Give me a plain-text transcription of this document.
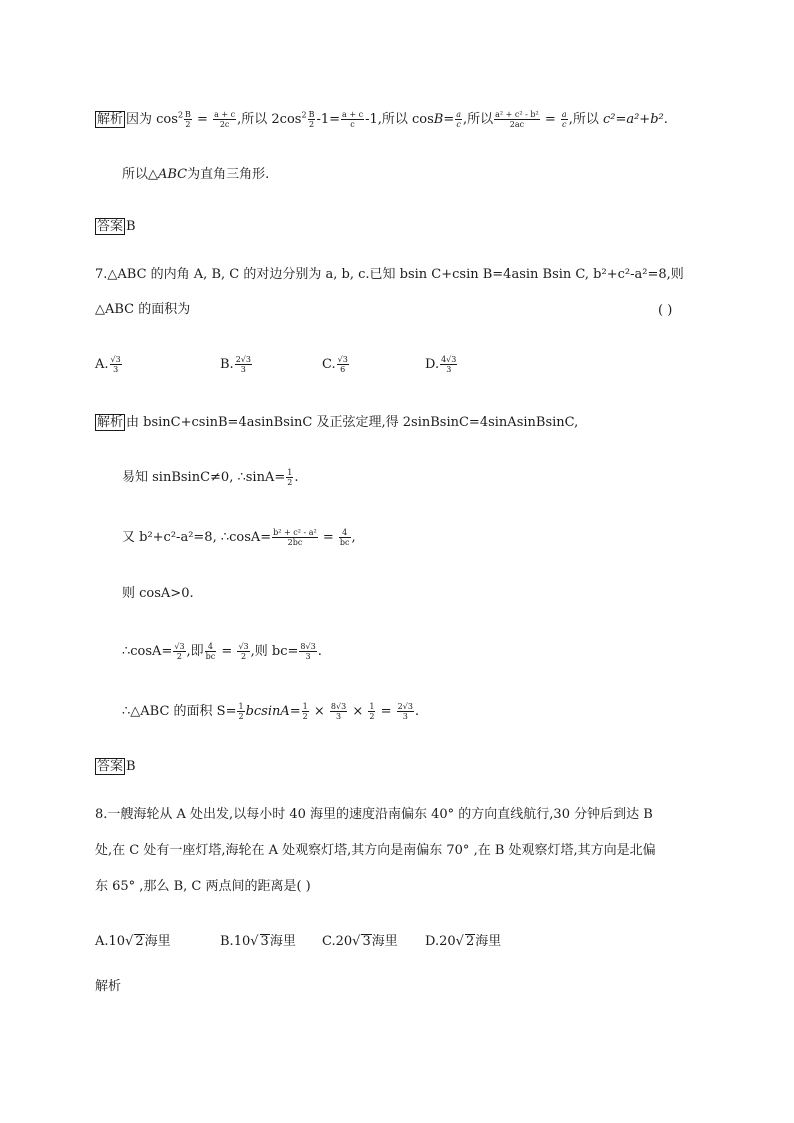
解析 因为 $\cos^2 \frac{B}{2} = \frac{a + c}{2c}$ ,所以 $2\cos^2 \frac{B}{2} -1= \frac{a + c}{c} -1$,所以 $\cos B= \frac{a}{c}$ ,所以 $\frac{\text{a² + c² - b²}}{2ac} = \frac{a}{c}$ ,所以 c²=a²+b².
所以△ABC为直角三角形.
答案 B
7.△ABC 的内角 A, B, C 的对边分别为 a, b, c.已知 bsin C+csin B=4asin Bsin C, b²+c²-a²=8,则
△ABC 的面积为	( )
A. $\frac{√3}{3}$	B. $\frac{2√3}{3}$	C. $\frac{√3}{6}$	D. $\frac{4√3}{3}$
解析 由 bsinC+csinB=4asinBsinC 及正弦定理,得 2sinBsinC=4sinAsinBsinC,
易知 sinBsinC≠0, ∴sinA= $\frac{1}{2}$ .
又 b²+c²-a²=8, ∴cosA= $\frac{\text{b² + c² - a²}}{2bc} = \frac{4}{bc}$ ,
则 cosA>0.
∴cosA= $\frac{√3}{2}$ ,即 $\frac{4}{bc} = \frac{√3}{2}$ ,则 $bc= \frac{8√3}{3}$ .
∴△ABC 的面积 $S= \frac{1}{2} bcsinA= \frac{1}{2} \times \frac{8√3}{3} \times \frac{1}{2} = \frac{2√3}{3}$ .
答案 B
8.一艘海轮从 A 处出发,以每小时 40 海里的速度沿南偏东 40° 的方向直线航行,30 分钟后到达 B
处,在 C 处有一座灯塔,海轮在 A 处观察灯塔,其方向是南偏东 70° ,在 B 处观察灯塔,其方向是北偏
东 65° ,那么 B, C 两点间的距离是( )
A.10√ 2海里	B.10√ 3海里 C.20√ 3海里 D.20√ 2海里
解析
